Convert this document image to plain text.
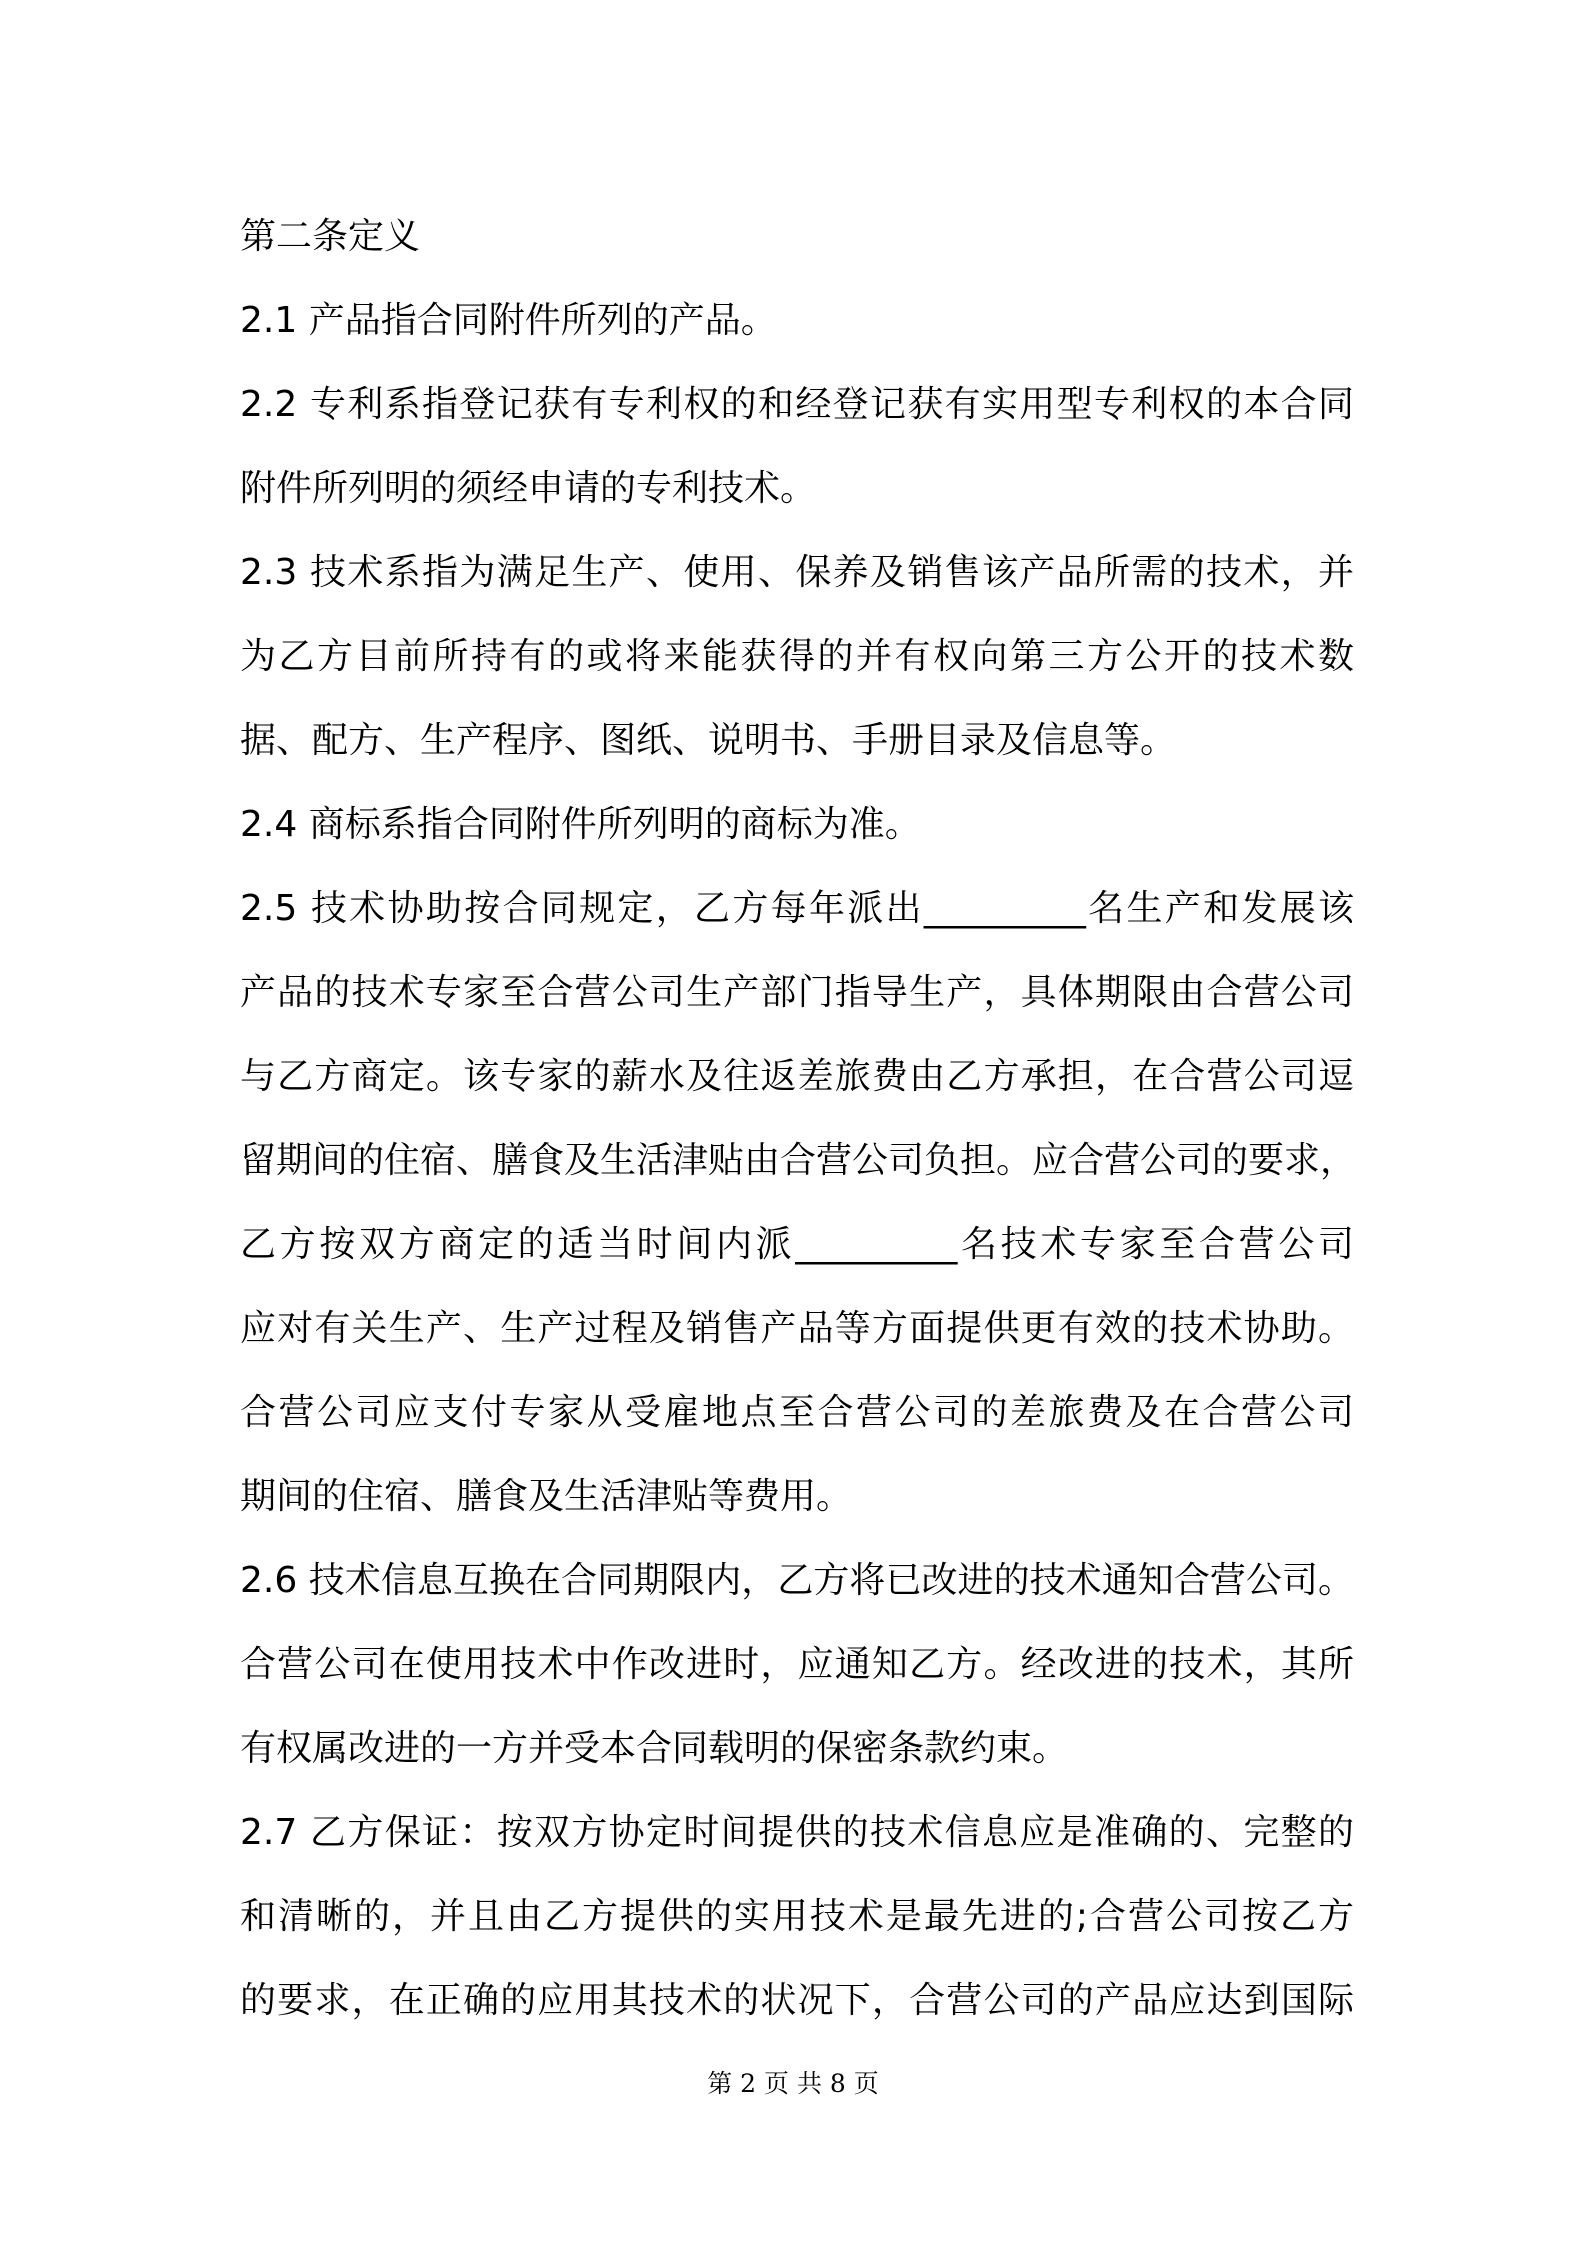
第二条定义
2.1 产品指合同附件所列的产品。
2.2 专利系指登记获有专利权的和经登记获有实用型专利权的本合同
附件所列明的须经申请的专利技术。
2.3 技术系指为满足生产、使用、保养及销售该产品所需的技术，并
为乙方目前所持有的或将来能获得的并有权向第三方公开的技术数
据、配方、生产程序、图纸、说明书、手册目录及信息等。
2.4 商标系指合同附件所列明的商标为准。
2.5 技术协助按合同规定，乙方每年派出_________名生产和发展该
产品的技术专家至合营公司生产部门指导生产，具体期限由合营公司
与乙方商定。该专家的薪水及往返差旅费由乙方承担，在合营公司逗
留期间的住宿、膳食及生活津贴由合营公司负担。应合营公司的要求，
乙方按双方商定的适当时间内派_________名技术专家至合营公司
应对有关生产、生产过程及销售产品等方面提供更有效的技术协助。
合营公司应支付专家从受雇地点至合营公司的差旅费及在合营公司
期间的住宿、膳食及生活津贴等费用。
2.6 技术信息互换在合同期限内，乙方将已改进的技术通知合营公司。
合营公司在使用技术中作改进时，应通知乙方。经改进的技术，其所
有权属改进的一方并受本合同载明的保密条款约束。
2.7 乙方保证：按双方协定时间提供的技术信息应是准确的、完整的
和清晰的，并且由乙方提供的实用技术是最先进的;合营公司按乙方
的要求，在正确的应用其技术的状况下，合营公司的产品应达到国际
第 2 页 共 8 页
